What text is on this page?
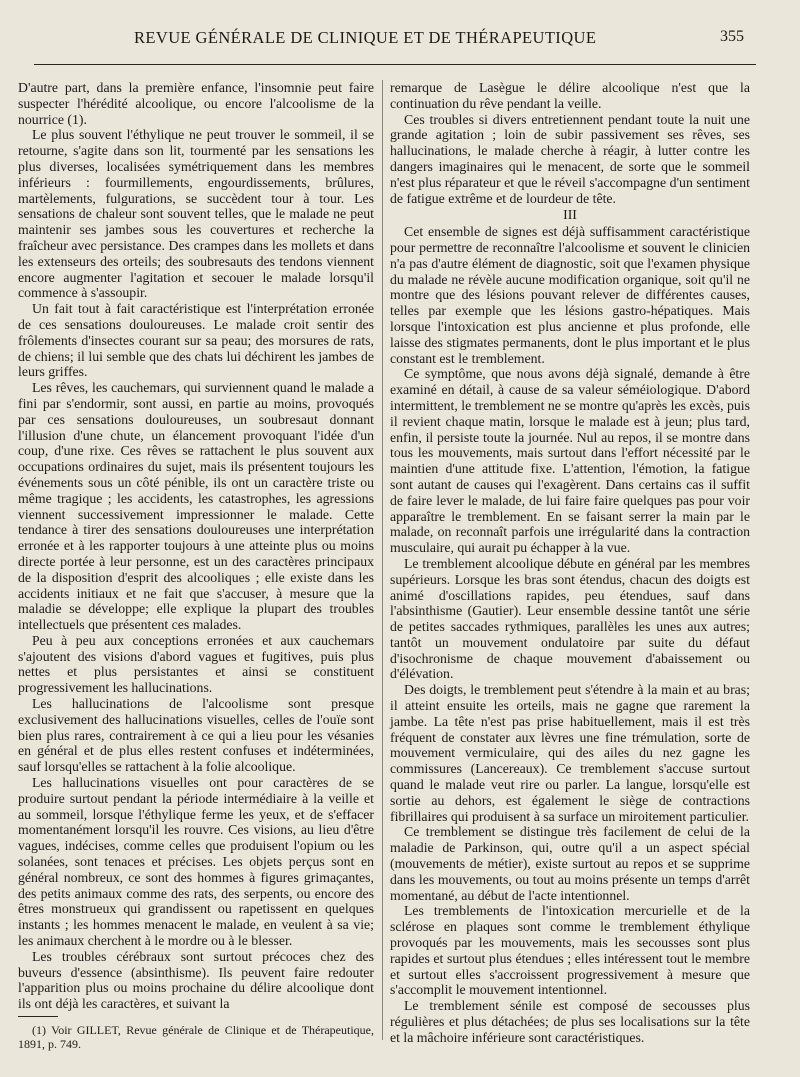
REVUE GÉNÉRALE DE CLINIQUE ET DE THÉRAPEUTIQUE	355

D'autre part, dans la première enfance, l'insomnie peut faire suspecter l'hérédité alcoolique, ou encore l'alcoolisme de la nourrice (1).

Le plus souvent l'éthylique ne peut trouver le sommeil, il se retourne, s'agite dans son lit, tourmenté par les sensations les plus diverses, localisées symétriquement dans les membres inférieurs : fourmillements, engourdissements, brûlures, martèlements, fulgurations, se succèdent tour à tour. Les sensations de chaleur sont souvent telles, que le malade ne peut maintenir ses jambes sous les couvertures et recherche la fraîcheur avec persistance. Des crampes dans les mollets et dans les extenseurs des orteils; des soubresauts des tendons viennent encore augmenter l'agitation et secouer le malade lorsqu'il commence à s'assoupir.

Un fait tout à fait caractéristique est l'interprétation erronée de ces sensations douloureuses. Le malade croit sentir des frôlements d'insectes courant sur sa peau; des morsures de rats, de chiens; il lui semble que des chats lui déchirent les jambes de leurs griffes.

Les rêves, les cauchemars, qui surviennent quand le malade a fini par s'endormir, sont aussi, en partie au moins, provoqués par ces sensations douloureuses, un soubresaut donnant l'illusion d'une chute, un élancement provoquant l'idée d'un coup, d'une rixe. Ces rêves se rattachent le plus souvent aux occupations ordinaires du sujet, mais ils présentent toujours les événements sous un côté pénible, ils ont un caractère triste ou même tragique ; les accidents, les catastrophes, les agressions viennent successivement impressionner le malade. Cette tendance à tirer des sensations douloureuses une interprétation erronée et à les rapporter toujours à une atteinte plus ou moins directe portée à leur personne, est un des caractères principaux de la disposition d'esprit des alcooliques ; elle existe dans les accidents initiaux et ne fait que s'accuser, à mesure que la maladie se développe; elle explique la plupart des troubles intellectuels que présentent ces malades.

Peu à peu aux conceptions erronées et aux cauchemars s'ajoutent des visions d'abord vagues et fugitives, puis plus nettes et plus persistantes et ainsi se constituent progressivement les hallucinations.

Les hallucinations de l'alcoolisme sont presque exclusivement des hallucinations visuelles, celles de l'ouïe sont bien plus rares, contrairement à ce qui a lieu pour les vésanies en général et de plus elles restent confuses et indéterminées, sauf lorsqu'elles se rattachent à la folie alcoolique.

Les hallucinations visuelles ont pour caractères de se produire surtout pendant la période intermédiaire à la veille et au sommeil, lorsque l'éthylique ferme les yeux, et de s'effacer momentanément lorsqu'il les rouvre. Ces visions, au lieu d'être vagues, indécises, comme celles que produisent l'opium ou les solanées, sont tenaces et précises. Les objets perçus sont en général nombreux, ce sont des hommes à figures grimaçantes, des petits animaux comme des rats, des serpents, ou encore des êtres monstrueux qui grandissent ou rapetissent en quelques instants ; les hommes menacent le malade, en veulent à sa vie; les animaux cherchent à le mordre ou à le blesser.

Les troubles cérébraux sont surtout précoces chez des buveurs d'essence (absinthisme). Ils peuvent faire redouter l'apparition plus ou moins prochaine du délire alcoolique dont ils ont déjà les caractères, et suivant la

(1) Voir GILLET, Revue générale de Clinique et de Thérapeutique, 1891, p. 749.

remarque de Lasègue le délire alcoolique n'est que la continuation du rêve pendant la veille.

Ces troubles si divers entretiennent pendant toute la nuit une grande agitation ; loin de subir passivement ses rêves, ses hallucinations, le malade cherche à réagir, à lutter contre les dangers imaginaires qui le menacent, de sorte que le sommeil n'est plus réparateur et que le réveil s'accompagne d'un sentiment de fatigue extrême et de lourdeur de tête.

III

Cet ensemble de signes est déjà suffisamment caractéristique pour permettre de reconnaître l'alcoolisme et souvent le clinicien n'a pas d'autre élément de diagnostic, soit que l'examen physique du malade ne révèle aucune modification organique, soit qu'il ne montre que des lésions pouvant relever de différentes causes, telles par exemple que les lésions gastro-hépatiques. Mais lorsque l'intoxication est plus ancienne et plus profonde, elle laisse des stigmates permanents, dont le plus important et le plus constant est le tremblement.

Ce symptôme, que nous avons déjà signalé, demande à être examiné en détail, à cause de sa valeur séméiologique. D'abord intermittent, le tremblement ne se montre qu'après les excès, puis il revient chaque matin, lorsque le malade est à jeun; plus tard, enfin, il persiste toute la journée. Nul au repos, il se montre dans tous les mouvements, mais surtout dans l'effort nécessité par le maintien d'une attitude fixe. L'attention, l'émotion, la fatigue sont autant de causes qui l'exagèrent. Dans certains cas il suffit de faire lever le malade, de lui faire faire quelques pas pour voir apparaître le tremblement. En se faisant serrer la main par le malade, on reconnaît parfois une irrégularité dans la contraction musculaire, qui aurait pu échapper à la vue.

Le tremblement alcoolique débute en général par les membres supérieurs. Lorsque les bras sont étendus, chacun des doigts est animé d'oscillations rapides, peu étendues, sauf dans l'absinthisme (Gautier). Leur ensemble dessine tantôt une série de petites saccades rythmiques, parallèles les unes aux autres; tantôt un mouvement ondulatoire par suite du défaut d'isochronisme de chaque mouvement d'abaissement ou d'élévation.

Des doigts, le tremblement peut s'étendre à la main et au bras; il atteint ensuite les orteils, mais ne gagne que rarement la jambe. La tête n'est pas prise habituellement, mais il est très fréquent de constater aux lèvres une fine trémulation, sorte de mouvement vermiculaire, qui des ailes du nez gagne les commissures (Lancereaux). Ce tremblement s'accuse surtout quand le malade veut rire ou parler. La langue, lorsqu'elle est sortie au dehors, est également le siège de contractions fibrillaires qui produisent à sa surface un miroitement particulier.

Ce tremblement se distingue très facilement de celui de la maladie de Parkinson, qui, outre qu'il a un aspect spécial (mouvements de métier), existe surtout au repos et se supprime dans les mouvements, ou tout au moins présente un temps d'arrêt momentané, au début de l'acte intentionnel.

Les tremblements de l'intoxication mercurielle et de la sclérose en plaques sont comme le tremblement éthylique provoqués par les mouvements, mais les secousses sont plus rapides et surtout plus étendues ; elles intéressent tout le membre et surtout elles s'accroissent progressivement à mesure que s'accomplit le mouvement intentionnel.

Le tremblement sénile est composé de secousses plus régulières et plus détachées; de plus ses localisations sur la tête et la mâchoire inférieure sont caractéristiques.
